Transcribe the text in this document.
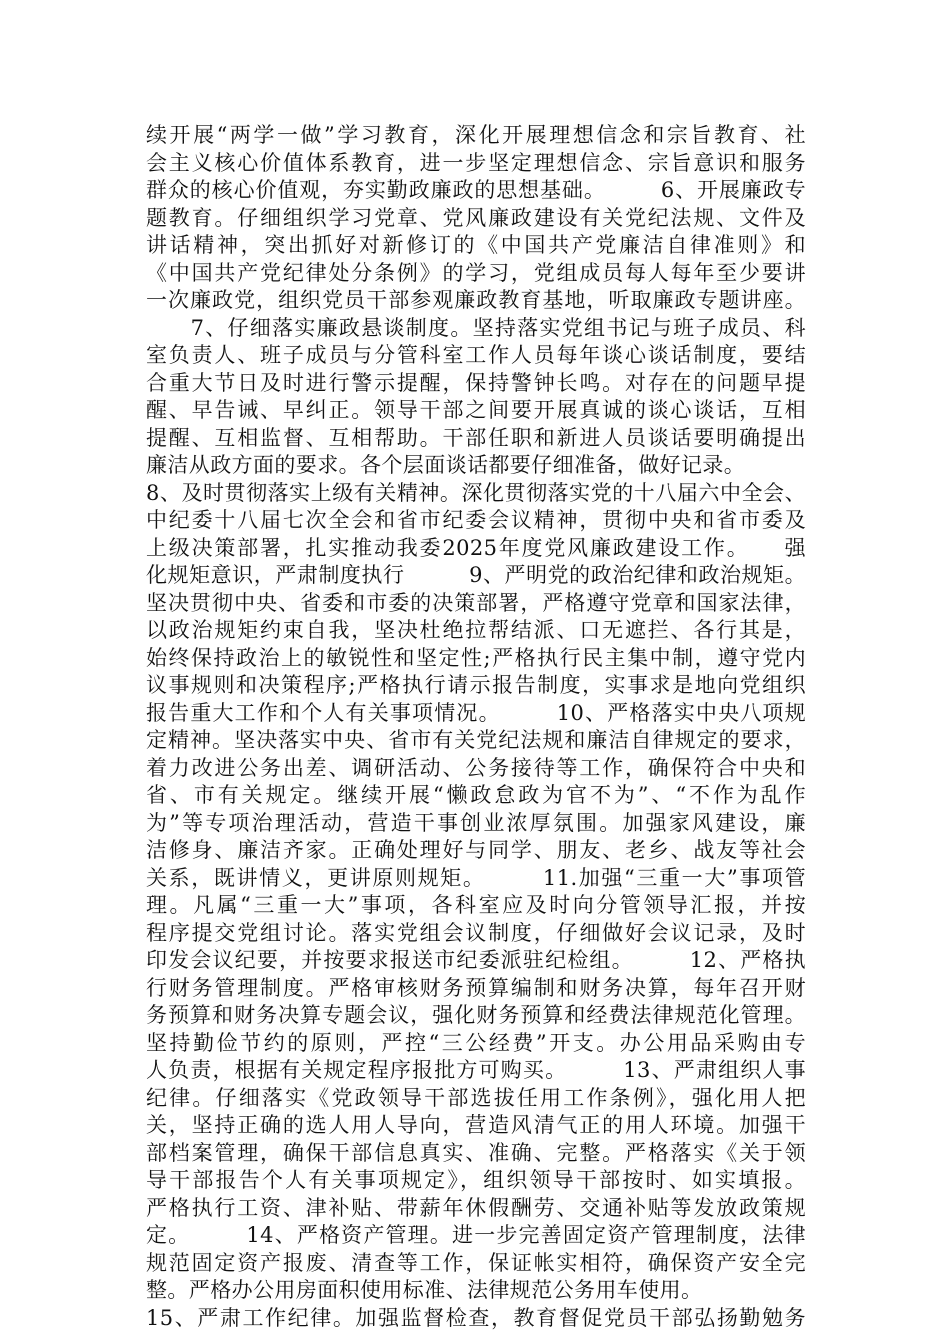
续开展“两学一做”学习教育，深化开展理想信念和宗旨教育、社
会主义核心价值体系教育，进一步坚定理想信念、宗旨意识和服务
群众的核心价值观，夯实勤政廉政的思想基础。　　　6、开展廉政专
题教育。仔细组织学习党章、党风廉政建设有关党纪法规、文件及
讲话精神，突出抓好对新修订的《中国共产党廉洁自律准则》和
《中国共产党纪律处分条例》的学习，党组成员每人每年至少要讲
一次廉政党，组织党员干部参观廉政教育基地，听取廉政专题讲座。
　　7、仔细落实廉政悬谈制度。坚持落实党组书记与班子成员、科
室负责人、班子成员与分管科室工作人员每年谈心谈话制度，要结
合重大节日及时进行警示提醒，保持警钟长鸣。对存在的问题早提
醒、早告诫、早纠正。领导干部之间要开展真诚的谈心谈话，互相
提醒、互相监督、互相帮助。干部任职和新进人员谈话要明确提出
廉洁从政方面的要求。各个层面谈话都要仔细准备，做好记录。
8、及时贯彻落实上级有关精神。深化贯彻落实党的十八届六中全会、
中纪委十八届七次全会和省市纪委会议精神，贯彻中央和省市委及
上级决策部署，扎实推动我委2025年度党风廉政建设工作。　　强
化规矩意识，严肃制度执行　　　9、严明党的政治纪律和政治规矩。
坚决贯彻中央、省委和市委的决策部署，严格遵守党章和国家法律，
以政治规矩约束自我，坚决杜绝拉帮结派、口无遮拦、各行其是，
始终保持政治上的敏锐性和坚定性;严格执行民主集中制，遵守党内
议事规则和决策程序;严格执行请示报告制度，实事求是地向党组织
报告重大工作和个人有关事项情况。　　　10、严格落实中央八项规
定精神。坚决落实中央、省市有关党纪法规和廉洁自律规定的要求，
着力改进公务出差、调研活动、公务接待等工作，确保符合中央和
省、市有关规定。继续开展“懒政怠政为官不为”、“不作为乱作
为”等专项治理活动，营造干事创业浓厚氛围。加强家风建设，廉
洁修身、廉洁齐家。正确处理好与同学、朋友、老乡、战友等社会
关系，既讲情义，更讲原则规矩。　　　11.加强“三重一大”事项管
理。凡属“三重一大”事项，各科室应及时向分管领导汇报，并按
程序提交党组讨论。落实党组会议制度，仔细做好会议记录，及时
印发会议纪要，并按要求报送市纪委派驻纪检组。　　　12、严格执
行财务管理制度。严格审核财务预算编制和财务决算，每年召开财
务预算和财务决算专题会议，强化财务预算和经费法律规范化管理。
坚持勤俭节约的原则，严控“三公经费”开支。办公用品采购由专
人负责，根据有关规定程序报批方可购买。　　　13、严肃组织人事
纪律。仔细落实《党政领导干部选拔任用工作条例》，强化用人把
关，坚持正确的选人用人导向，营造风清气正的用人环境。加强干
部档案管理，确保干部信息真实、准确、完整。严格落实《关于领
导干部报告个人有关事项规定》，组织领导干部按时、如实填报。
严格执行工资、津补贴、带薪年休假酬劳、交通补贴等发放政策规
定。　　　14、严格资产管理。进一步完善固定资产管理制度，法律
规范固定资产报废、清查等工作，保证帐实相符，确保资产安全完
整。严格办公用房面积使用标准、法律规范公务用车使用。
15、严肃工作纪律。加强监督检查，教育督促党员干部弘扬勤勉务
